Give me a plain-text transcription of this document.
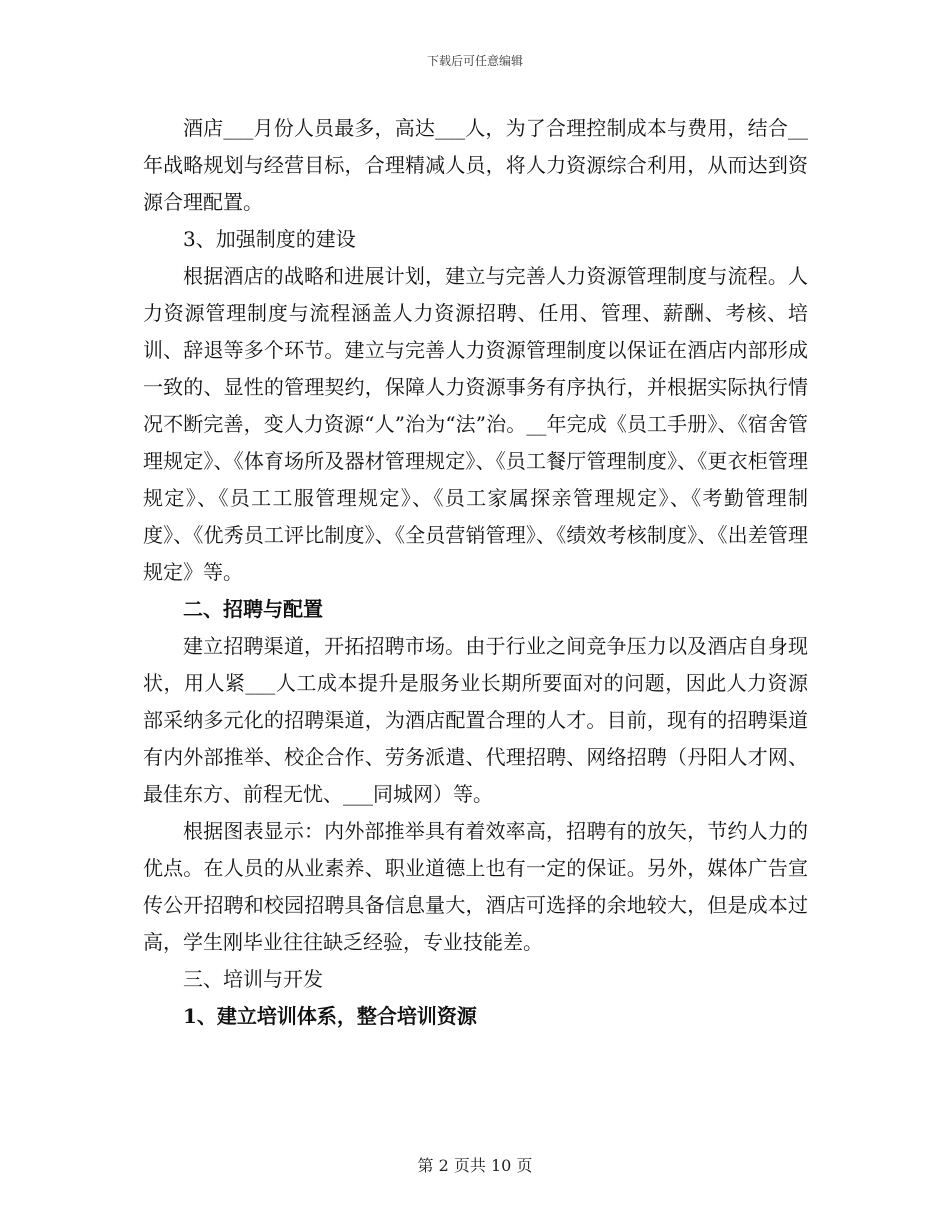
下载后可任意编辑

酒店___月份人员最多，高达___人，为了合理控制成本与费用，结合__年战略规划与经营目标，合理精减人员，将人力资源综合利用，从而达到资源合理配置。

3、加强制度的建设

根据酒店的战略和进展计划，建立与完善人力资源管理制度与流程。人力资源管理制度与流程涵盖人力资源招聘、任用、管理、薪酬、考核、培训、辞退等多个环节。建立与完善人力资源管理制度以保证在酒店内部形成一致的、显性的管理契约，保障人力资源事务有序执行，并根据实际执行情况不断完善，变人力资源“人”治为“法”治。__年完成《员工手册》、《宿舍管理规定》、《体育场所及器材管理规定》、《员工餐厅管理制度》、《更衣柜管理规定》、《员工工服管理规定》、《员工家属探亲管理规定》、《考勤管理制度》、《优秀员工评比制度》、《全员营销管理》、《绩效考核制度》、《出差管理规定》等。

二、招聘与配置

建立招聘渠道，开拓招聘市场。由于行业之间竞争压力以及酒店自身现状，用人紧___人工成本提升是服务业长期所要面对的问题，因此人力资源部采纳多元化的招聘渠道，为酒店配置合理的人才。目前，现有的招聘渠道有内外部推举、校企合作、劳务派遣、代理招聘、网络招聘（丹阳人才网、最佳东方、前程无忧、___同城网）等。

根据图表显示：内外部推举具有着效率高，招聘有的放矢，节约人力的优点。在人员的从业素养、职业道德上也有一定的保证。另外，媒体广告宣传公开招聘和校园招聘具备信息量大，酒店可选择的余地较大，但是成本过高，学生刚毕业往往缺乏经验，专业技能差。

三、培训与开发

1、建立培训体系，整合培训资源

第 2 页共 10 页
